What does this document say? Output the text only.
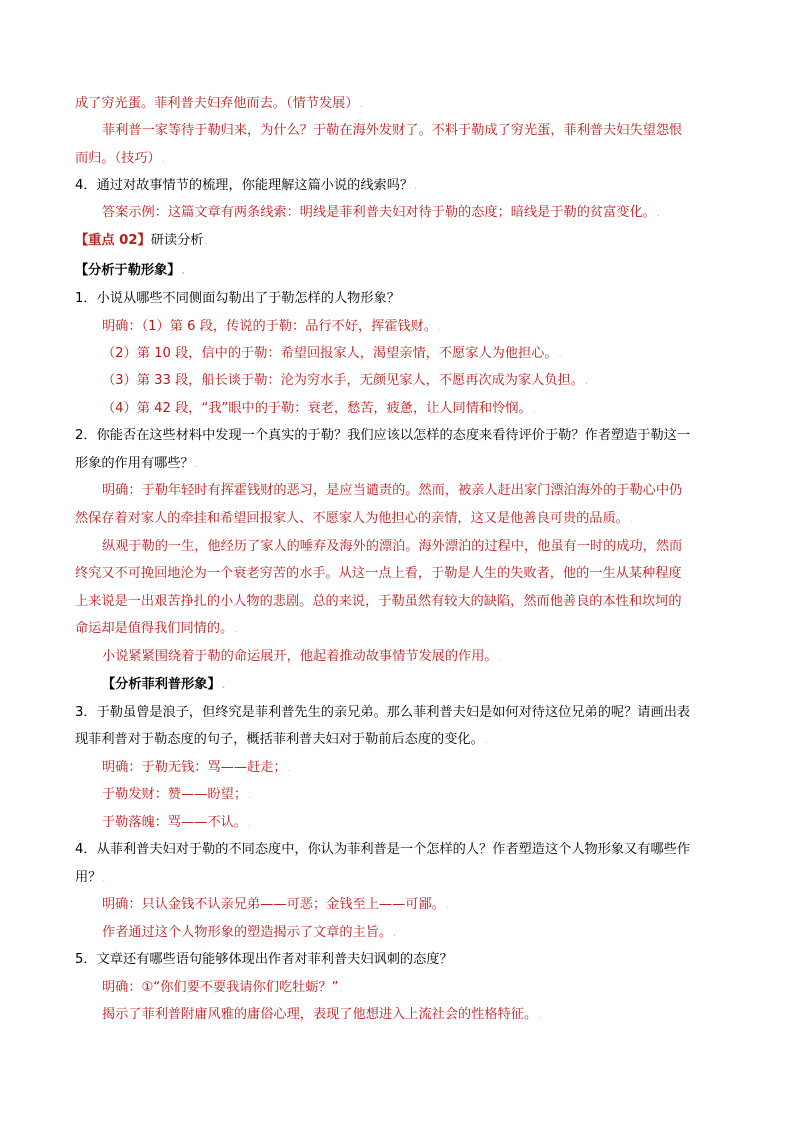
成了穷光蛋。菲利普夫妇弃他而去。（情节发展）.
菲利普一家等待于勒归来，为什么？于勒在海外发财了。不料于勒成了穷光蛋，菲利普夫妇失望怨恨
而归。（技巧）.
4．通过对故事情节的梳理，你能理解这篇小说的线索吗？.
答案示例：这篇文章有两条线索：明线是菲利普夫妇对待于勒的态度；暗线是于勒的贫富变化。.
【重点 02】研读分析.
【分析于勒形象】.
1．小说从哪些不同侧面勾勒出了于勒怎样的人物形象？
明确：（1）第 6 段，传说的于勒：品行不好，挥霍钱财。.
（2）第 10 段，信中的于勒：希望回报家人，渴望亲情，不愿家人为他担心。.
（3）第 33 段，船长谈于勒：沦为穷水手，无颜见家人，不愿再次成为家人负担。.
（4）第 42 段，“我”眼中的于勒：衰老，愁苦，疲惫，让人同情和怜悯。.
2．你能否在这些材料中发现一个真实的于勒？我们应该以怎样的态度来看待评价于勒？作者塑造于勒这一
形象的作用有哪些？.
明确：于勒年轻时有挥霍钱财的恶习，是应当谴责的。然而，被亲人赶出家门漂泊海外的于勒心中仍
然保存着对家人的牵挂和希望回报家人、不愿家人为他担心的亲情，这又是他善良可贵的品质。.
纵观于勒的一生，他经历了家人的唾弃及海外的漂泊。海外漂泊的过程中，他虽有一时的成功，然而
终究又不可挽回地沦为一个衰老穷苦的水手。从这一点上看，于勒是人生的失败者，他的一生从某种程度
上来说是一出艰苦挣扎的小人物的悲剧。总的来说，于勒虽然有较大的缺陷，然而他善良的本性和坎坷的
命运却是值得我们同情的。.
小说紧紧围绕着于勒的命运展开，他起着推动故事情节发展的作用。.
【分析菲利普形象】.
3．于勒虽曾是浪子，但终究是菲利普先生的亲兄弟。那么菲利普夫妇是如何对待这位兄弟的呢？请画出表
现菲利普对于勒态度的句子，概括菲利普夫妇对于勒前后态度的变化。.
明确：于勒无钱：骂——赶走；.
于勒发财：赞——盼望；.
于勒落魄：骂——不认。.
4．从菲利普夫妇对于勒的不同态度中，你认为菲利普是一个怎样的人？作者塑造这个人物形象又有哪些作
用？.
明确：只认金钱不认亲兄弟——可恶；金钱至上——可鄙。.
作者通过这个人物形象的塑造揭示了文章的主旨。.
5．文章还有哪些语句能够体现出作者对菲利普夫妇讽刺的态度？
明确：①“你们要不要我请你们吃牡蛎？”.
揭示了菲利普附庸风雅的庸俗心理，表现了他想进入上流社会的性格特征。.
